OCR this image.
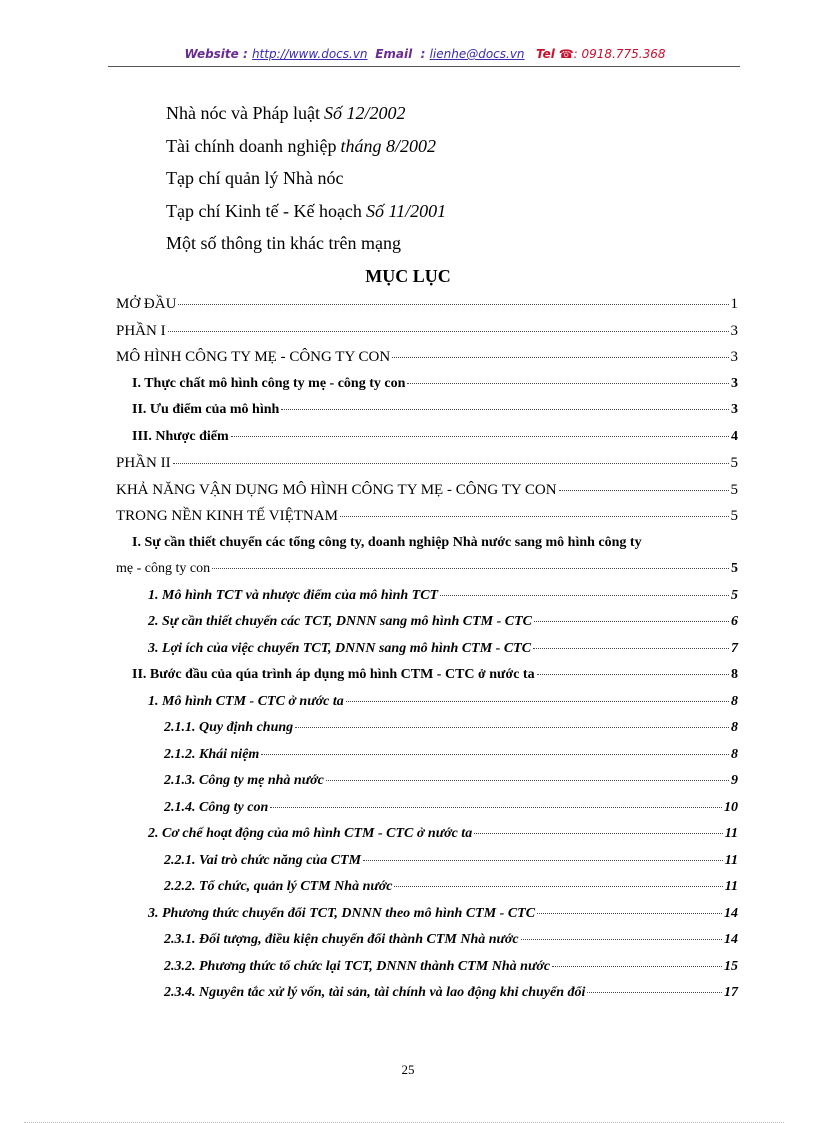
Website : http://www.docs.vn Email  : lienhe@docs.vn Tel ☎: 0918.775.368
Nhà nóc và Pháp luật Số 12/2002
Tài chính doanh nghiệp tháng 8/2002
Tạp chí quản lý Nhà nóc
Tạp chí Kinh tế - Kế hoạch Số 11/2001
Một số thông tin khác trên mạng
MỤC LỤC
MỞ ĐẦU	1
PHẦN I	3
MÔ HÌNH CÔNG TY MẸ - CÔNG TY CON	3
I. Thực chất mô hình công ty mẹ - công ty con	3
II. Ưu điểm của mô hình	3
III. Nhược điểm	4
PHẦN II	5
KHẢ NĂNG VẬN DỤNG MÔ HÌNH CÔNG TY MẸ - CÔNG TY CON	5
TRONG NỀN KINH TẾ VIỆTNAM	5
I. Sự cần thiết chuyển các tổng công ty, doanh nghiệp Nhà nước sang mô hình công ty
mẹ - công ty con	5
1. Mô hình TCT và nhược điểm của mô hình TCT	5
2. Sự cần thiết chuyển các TCT, DNNN sang mô hình CTM - CTC	6
3. Lợi ích của việc chuyển TCT, DNNN sang mô hình CTM - CTC	7
II. Bước đầu của qúa trình áp dụng mô hình CTM - CTC ở nước ta	8
1. Mô hình CTM - CTC ở nước ta	8
2.1.1. Quy định chung	8
2.1.2. Khái niệm	8
2.1.3. Công ty mẹ nhà nước	9
2.1.4. Công ty con	10
2. Cơ chế hoạt động của mô hình CTM - CTC ở nước ta	11
2.2.1. Vai trò chức năng của CTM	11
2.2.2. Tổ chức, quản lý CTM Nhà nước	11
3. Phương thức chuyển đổi TCT, DNNN theo mô hình CTM - CTC	14
2.3.1. Đối tượng, điều kiện chuyển đổi thành CTM Nhà nước	14
2.3.2. Phương thức tổ chức lại TCT, DNNN thành CTM Nhà nước	15
2.3.4. Nguyên tắc xử lý vốn, tài sản, tài chính và lao động khi chuyển đổi	17
25
